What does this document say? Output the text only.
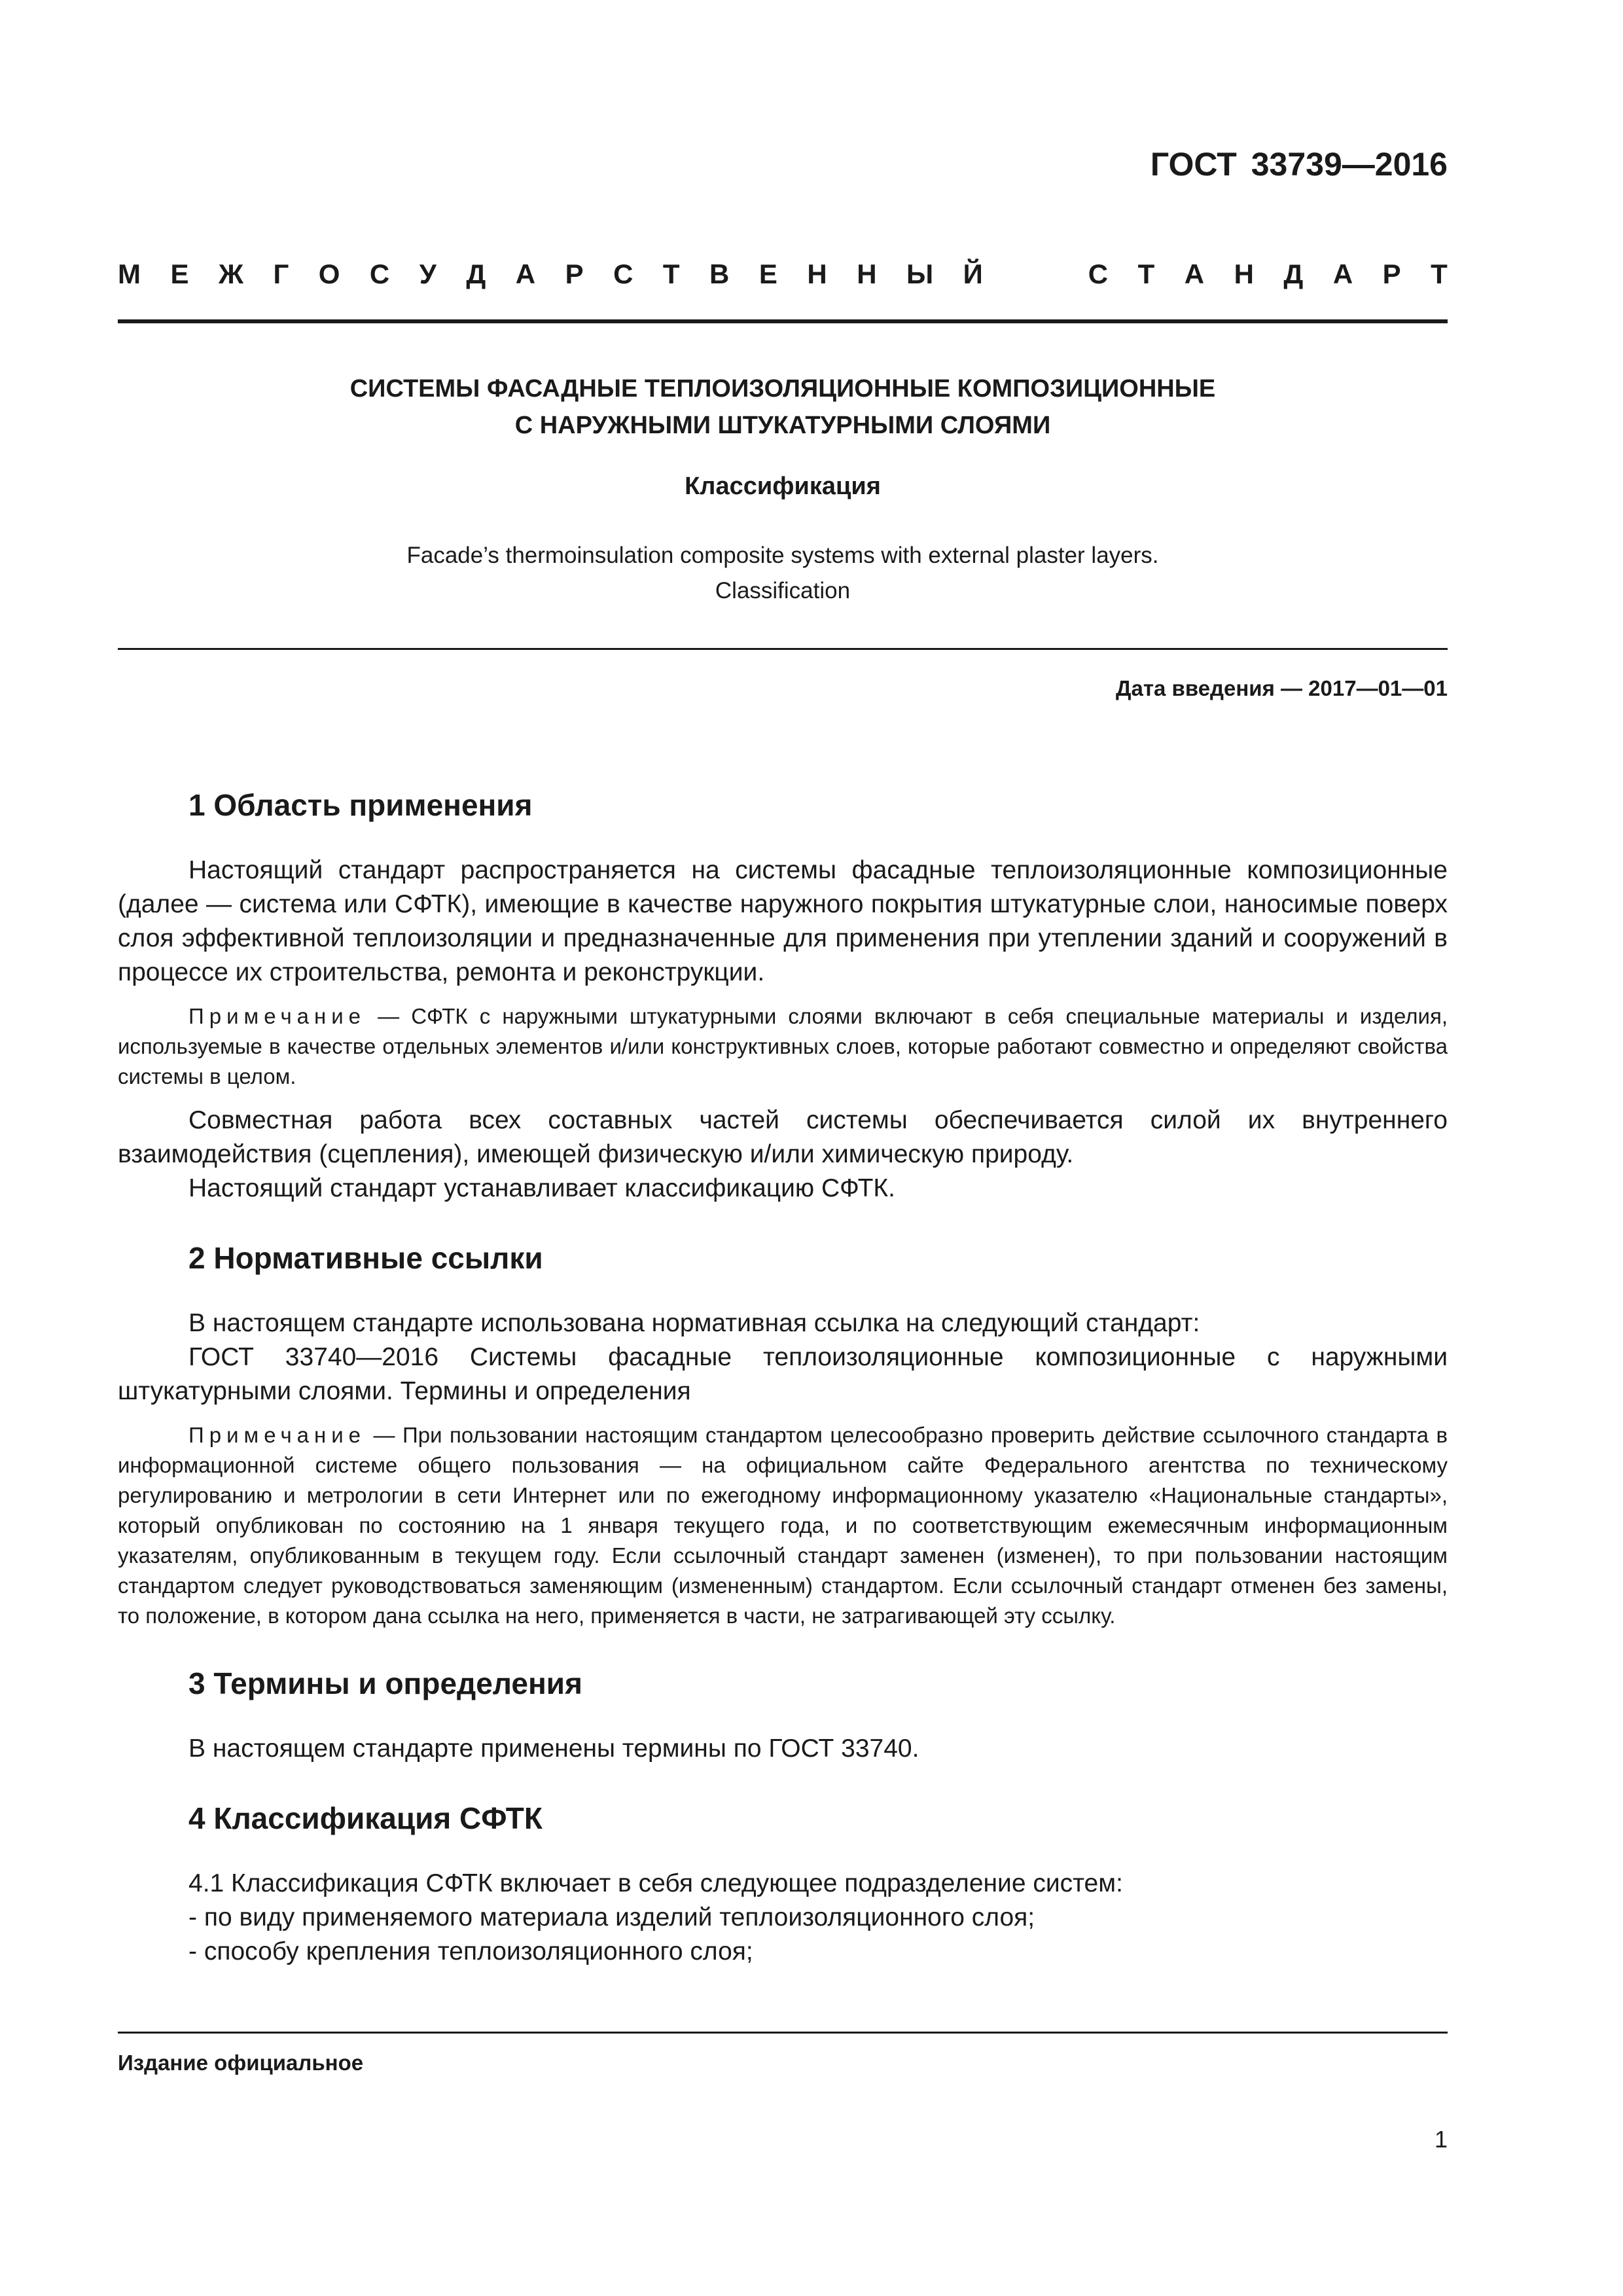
ГОСТ 33739—2016
М Е Ж Г О С У Д А Р С Т В Е Н Н Ы Й	С Т А Н Д А Р Т
СИСТЕМЫ ФАСАДНЫЕ ТЕПЛОИЗОЛЯЦИОННЫЕ КОМПОЗИЦИОННЫЕ
С НАРУЖНЫМИ ШТУКАТУРНЫМИ СЛОЯМИ
Классификация
Facade’s thermoinsulation composite systems with external plaster layers.
Classification
Дата введения — 2017—01—01
1 Область применения

Настоящий стандарт распространяется на системы фасадные теплоизоляционные композиционные (далее — система или СФТК), имеющие в качестве наружного покрытия штукатурные слои, наносимые поверх слоя эффективной теплоизоляции и предназначенные для применения при утеплении зданий и сооружений в процессе их строительства, ремонта и реконструкции.

Примечание — СФТК с наружными штукатурными слоями включают в себя специальные материалы и изделия, используемые в качестве отдельных элементов и/или конструктивных слоев, которые работают совместно и определяют свойства системы в целом.

Совместная работа всех составных частей системы обеспечивается силой их внутреннего взаимодействия (сцепления), имеющей физическую и/или химическую природу.

Настоящий стандарт устанавливает классификацию СФТК.

2 Нормативные ссылки

В настоящем стандарте использована нормативная ссылка на следующий стандарт:

ГОСТ 33740—2016 Системы фасадные теплоизоляционные композиционные с наружными штукатурными слоями. Термины и определения

Примечание — При пользовании настоящим стандартом целесообразно проверить действие ссылочного стандарта в информационной системе общего пользования — на официальном сайте Федерального агентства по техническому регулированию и метрологии в сети Интернет или по ежегодному информационному указателю «Национальные стандарты», который опубликован по состоянию на 1 января текущего года, и по соответствующим ежемесячным информационным указателям, опубликованным в текущем году. Если ссылочный стандарт заменен (изменен), то при пользовании настоящим стандартом следует руководствоваться заменяющим (измененным) стандартом. Если ссылочный стандарт отменен без замены, то положение, в котором дана ссылка на него, применяется в части, не затрагивающей эту ссылку.

3 Термины и определения

В настоящем стандарте применены термины по ГОСТ 33740.

4 Классификация СФТК

4.1 Классификация СФТК включает в себя следующее подразделение систем:

- по виду применяемого материала изделий теплоизоляционного слоя;
- способу крепления теплоизоляционного слоя;
Издание официальное
1
